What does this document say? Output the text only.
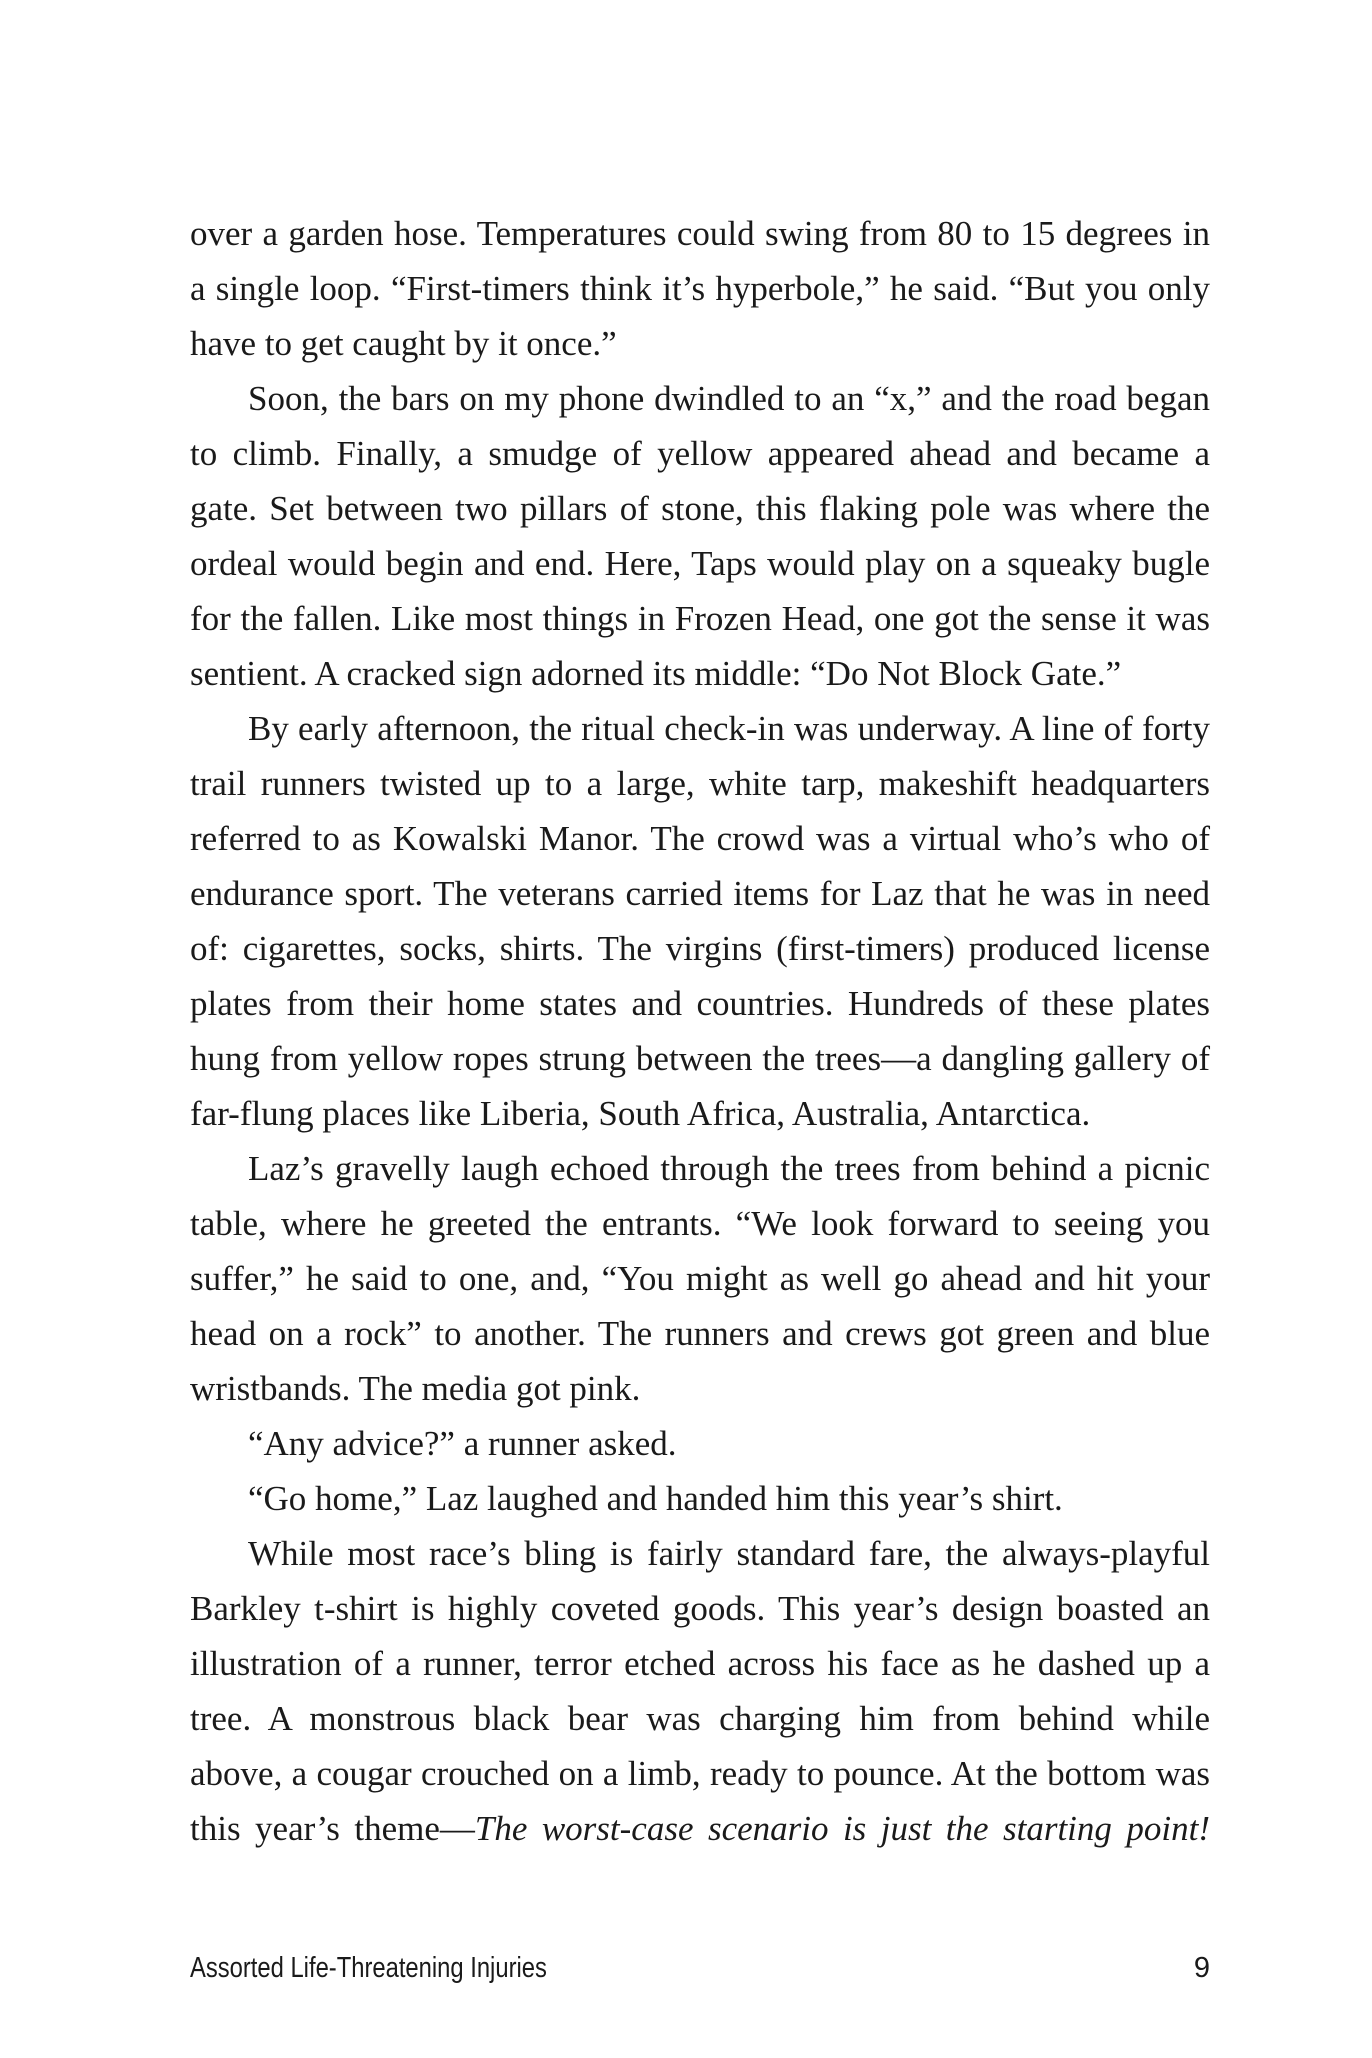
over a garden hose. Temperatures could swing from 80 to 15 degrees in a single loop. “First-timers think it’s hyperbole,” he said. “But you only have to get caught by it once.”

Soon, the bars on my phone dwindled to an “x,” and the road began to climb. Finally, a smudge of yellow appeared ahead and became a gate. Set between two pillars of stone, this flaking pole was where the ordeal would begin and end. Here, Taps would play on a squeaky bugle for the fallen. Like most things in Frozen Head, one got the sense it was sentient. A cracked sign adorned its middle: “Do Not Block Gate.”

By early afternoon, the ritual check-in was underway. A line of forty trail runners twisted up to a large, white tarp, makeshift headquarters referred to as Kowalski Manor. The crowd was a virtual who’s who of endurance sport. The veterans carried items for Laz that he was in need of: cigarettes, socks, shirts. The virgins (first-timers) produced license plates from their home states and countries. Hundreds of these plates hung from yellow ropes strung between the trees—a dangling gallery of far-flung places like Liberia, South Africa, Australia, Antarctica.

Laz’s gravelly laugh echoed through the trees from behind a picnic table, where he greeted the entrants. “We look forward to seeing you suffer,” he said to one, and, “You might as well go ahead and hit your head on a rock” to another. The runners and crews got green and blue wristbands. The media got pink.

“Any advice?” a runner asked.

“Go home,” Laz laughed and handed him this year’s shirt.

While most race’s bling is fairly standard fare, the always-playful Barkley t-shirt is highly coveted goods. This year’s design boasted an illustration of a runner, terror etched across his face as he dashed up a tree. A monstrous black bear was charging him from behind while above, a cougar crouched on a limb, ready to pounce. At the bottom was this year’s theme—The worst-case scenario is just the starting point!

Assorted Life-Threatening Injuries	9
